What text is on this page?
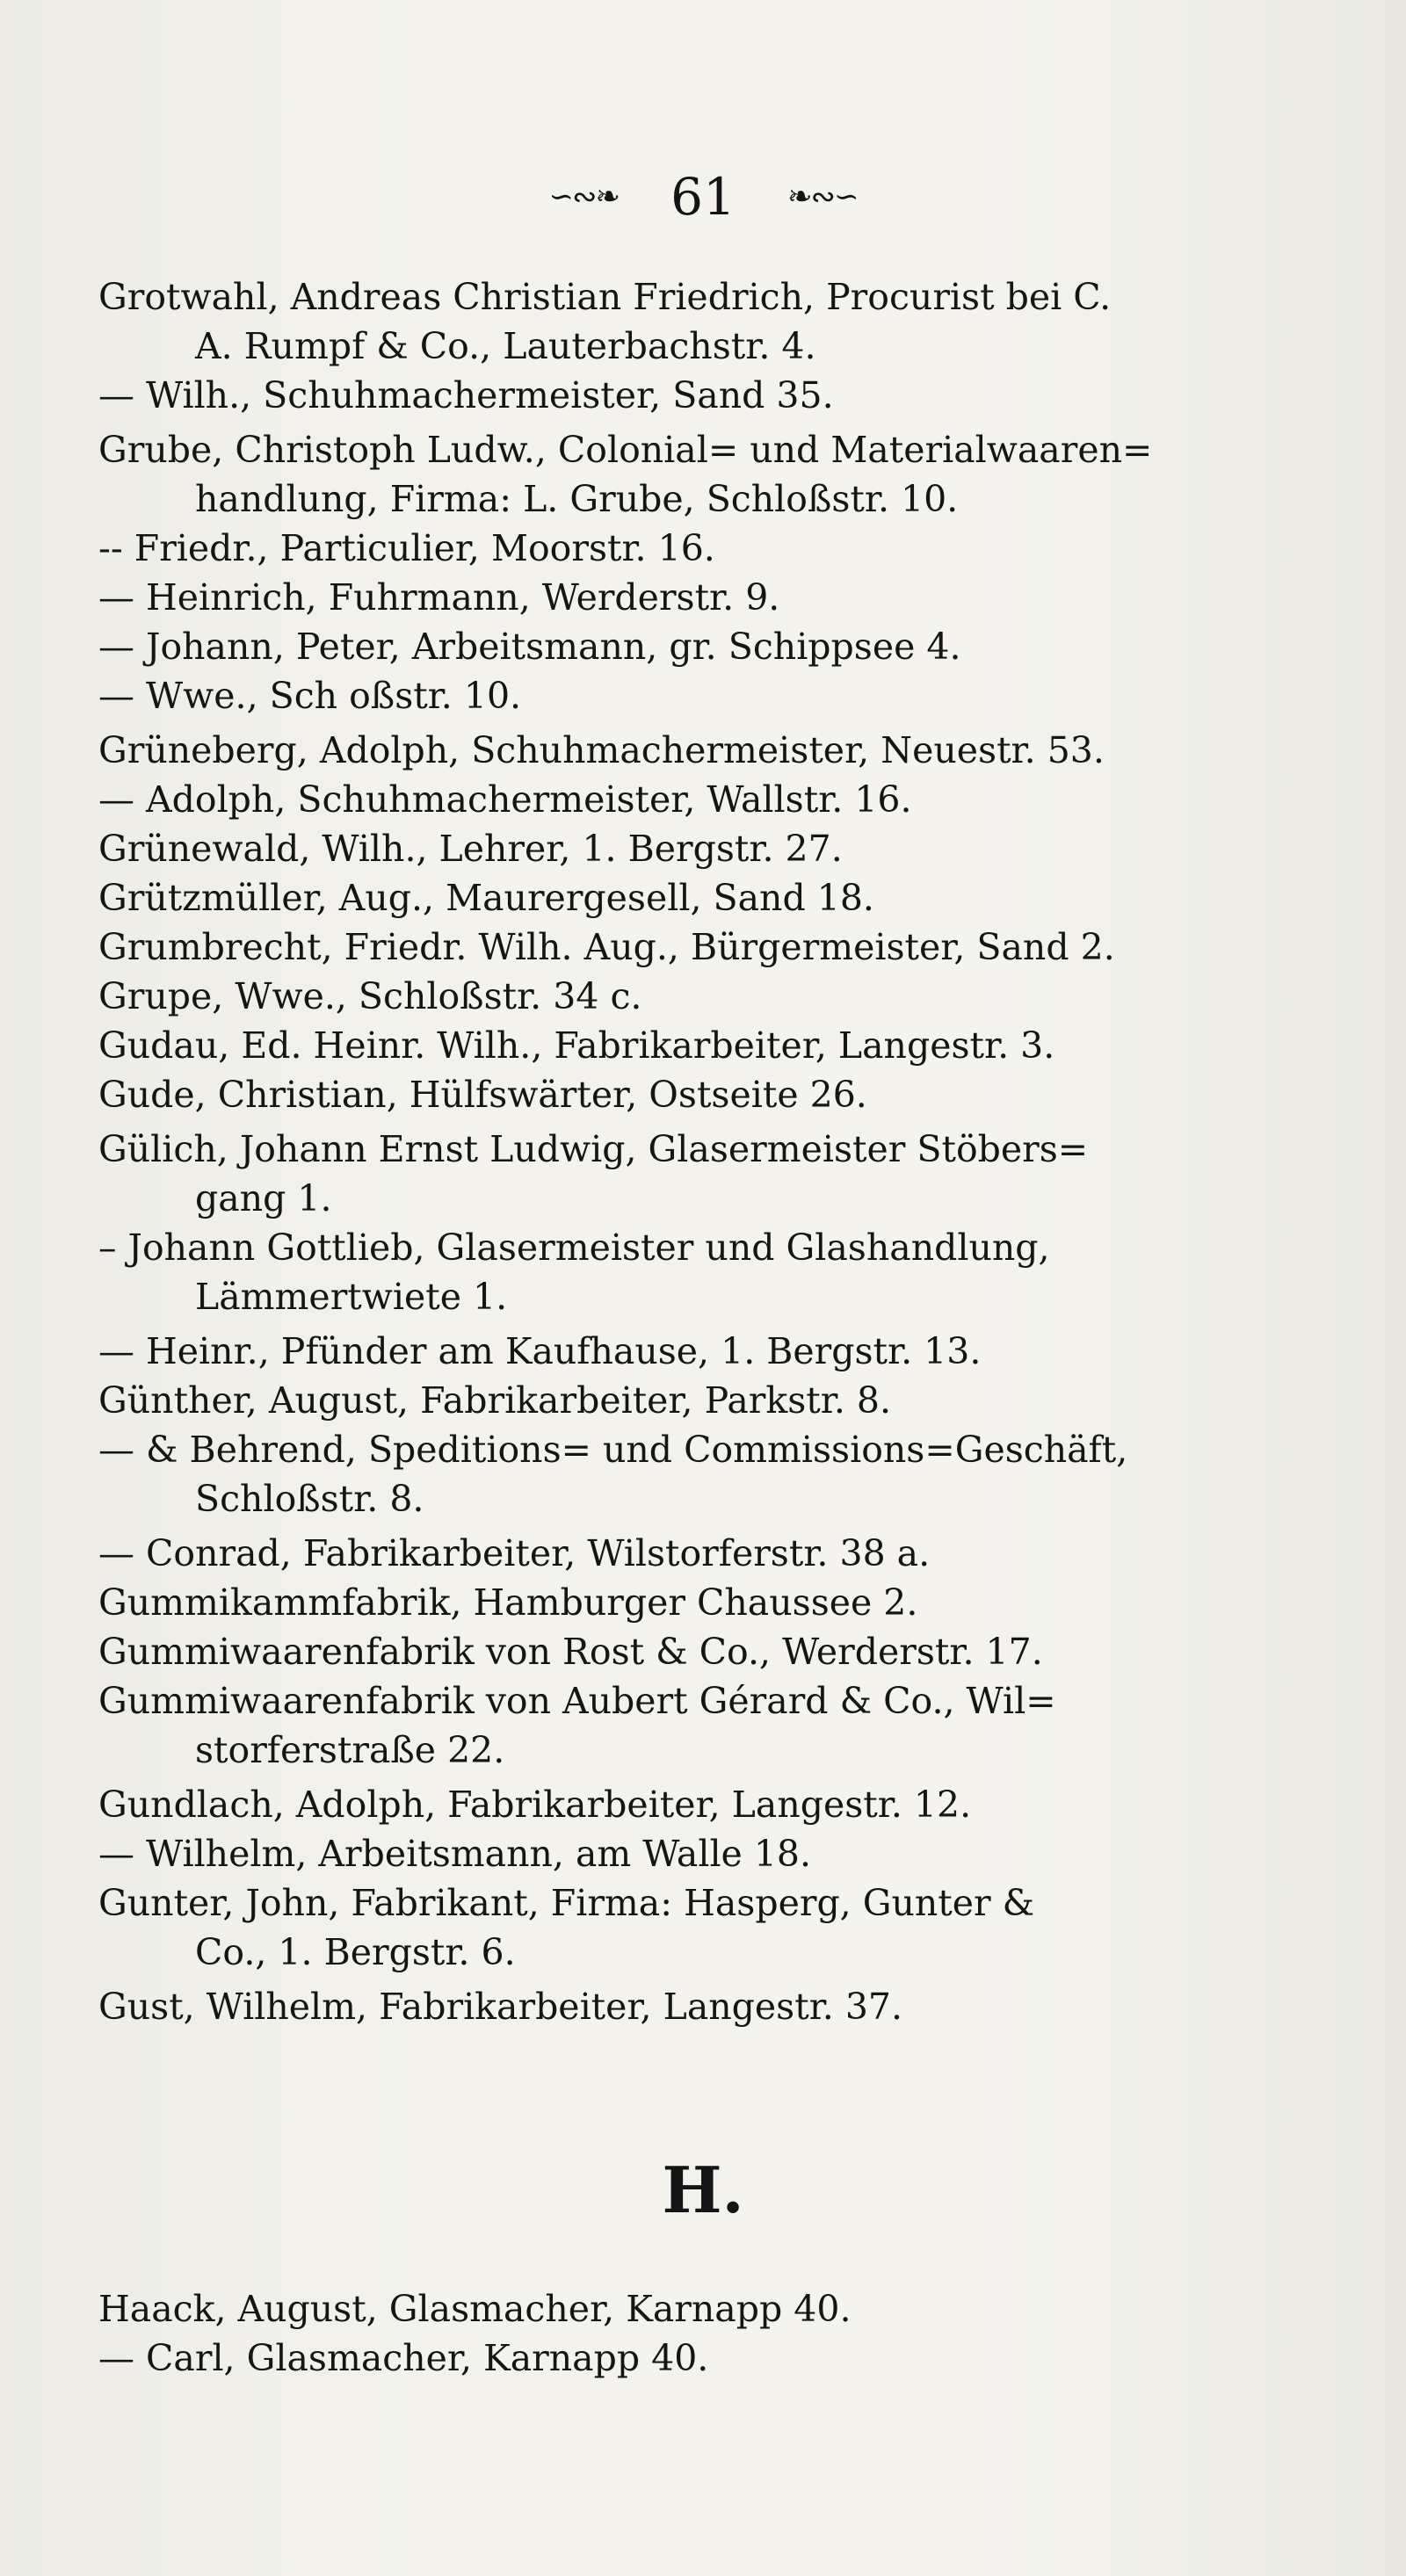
∽∾❧ 61 ❧∾∽
Grotwahl, Andreas Christian Friedrich, Procurist bei C.
A. Rumpf & Co., Lauterbachstr. 4.
— Wilh., Schuhmachermeister, Sand 35.
Grube, Christoph Ludw., Colonial= und Materialwaaren=
handlung, Firma: L. Grube, Schloßstr. 10.
-- Friedr., Particulier, Moorstr. 16.
— Heinrich, Fuhrmann, Werderstr. 9.
— Johann, Peter, Arbeitsmann, gr. Schippsee 4.
— Wwe., Sch oßstr. 10.
Grüneberg, Adolph, Schuhmachermeister, Neuestr. 53.
— Adolph, Schuhmachermeister, Wallstr. 16.
Grünewald, Wilh., Lehrer, 1. Bergstr. 27.
Grützmüller, Aug., Maurergesell, Sand 18.
Grumbrecht, Friedr. Wilh. Aug., Bürgermeister, Sand 2.
Grupe, Wwe., Schloßstr. 34 c.
Gudau, Ed. Heinr. Wilh., Fabrikarbeiter, Langestr. 3.
Gude, Christian, Hülfswärter, Ostseite 26.
Gülich, Johann Ernst Ludwig, Glasermeister Stöbers=
gang 1.
– Johann Gottlieb, Glasermeister und Glashandlung,
Lämmertwiete 1.
— Heinr., Pfünder am Kaufhause, 1. Bergstr. 13.
Günther, August, Fabrikarbeiter, Parkstr. 8.
— & Behrend, Speditions= und Commissions=Geschäft,
Schloßstr. 8.
— Conrad, Fabrikarbeiter, Wilstorferstr. 38 a.
Gummikammfabrik, Hamburger Chaussee 2.
Gummiwaarenfabrik von Rost & Co., Werderstr. 17.
Gummiwaarenfabrik von Aubert Gérard & Co., Wil=
storferstraße 22.
Gundlach, Adolph, Fabrikarbeiter, Langestr. 12.
— Wilhelm, Arbeitsmann, am Walle 18.
Gunter, John, Fabrikant, Firma: Hasperg, Gunter &
Co., 1. Bergstr. 6.
Gust, Wilhelm, Fabrikarbeiter, Langestr. 37.
H.
Haack, August, Glasmacher, Karnapp 40.
— Carl, Glasmacher, Karnapp 40.
